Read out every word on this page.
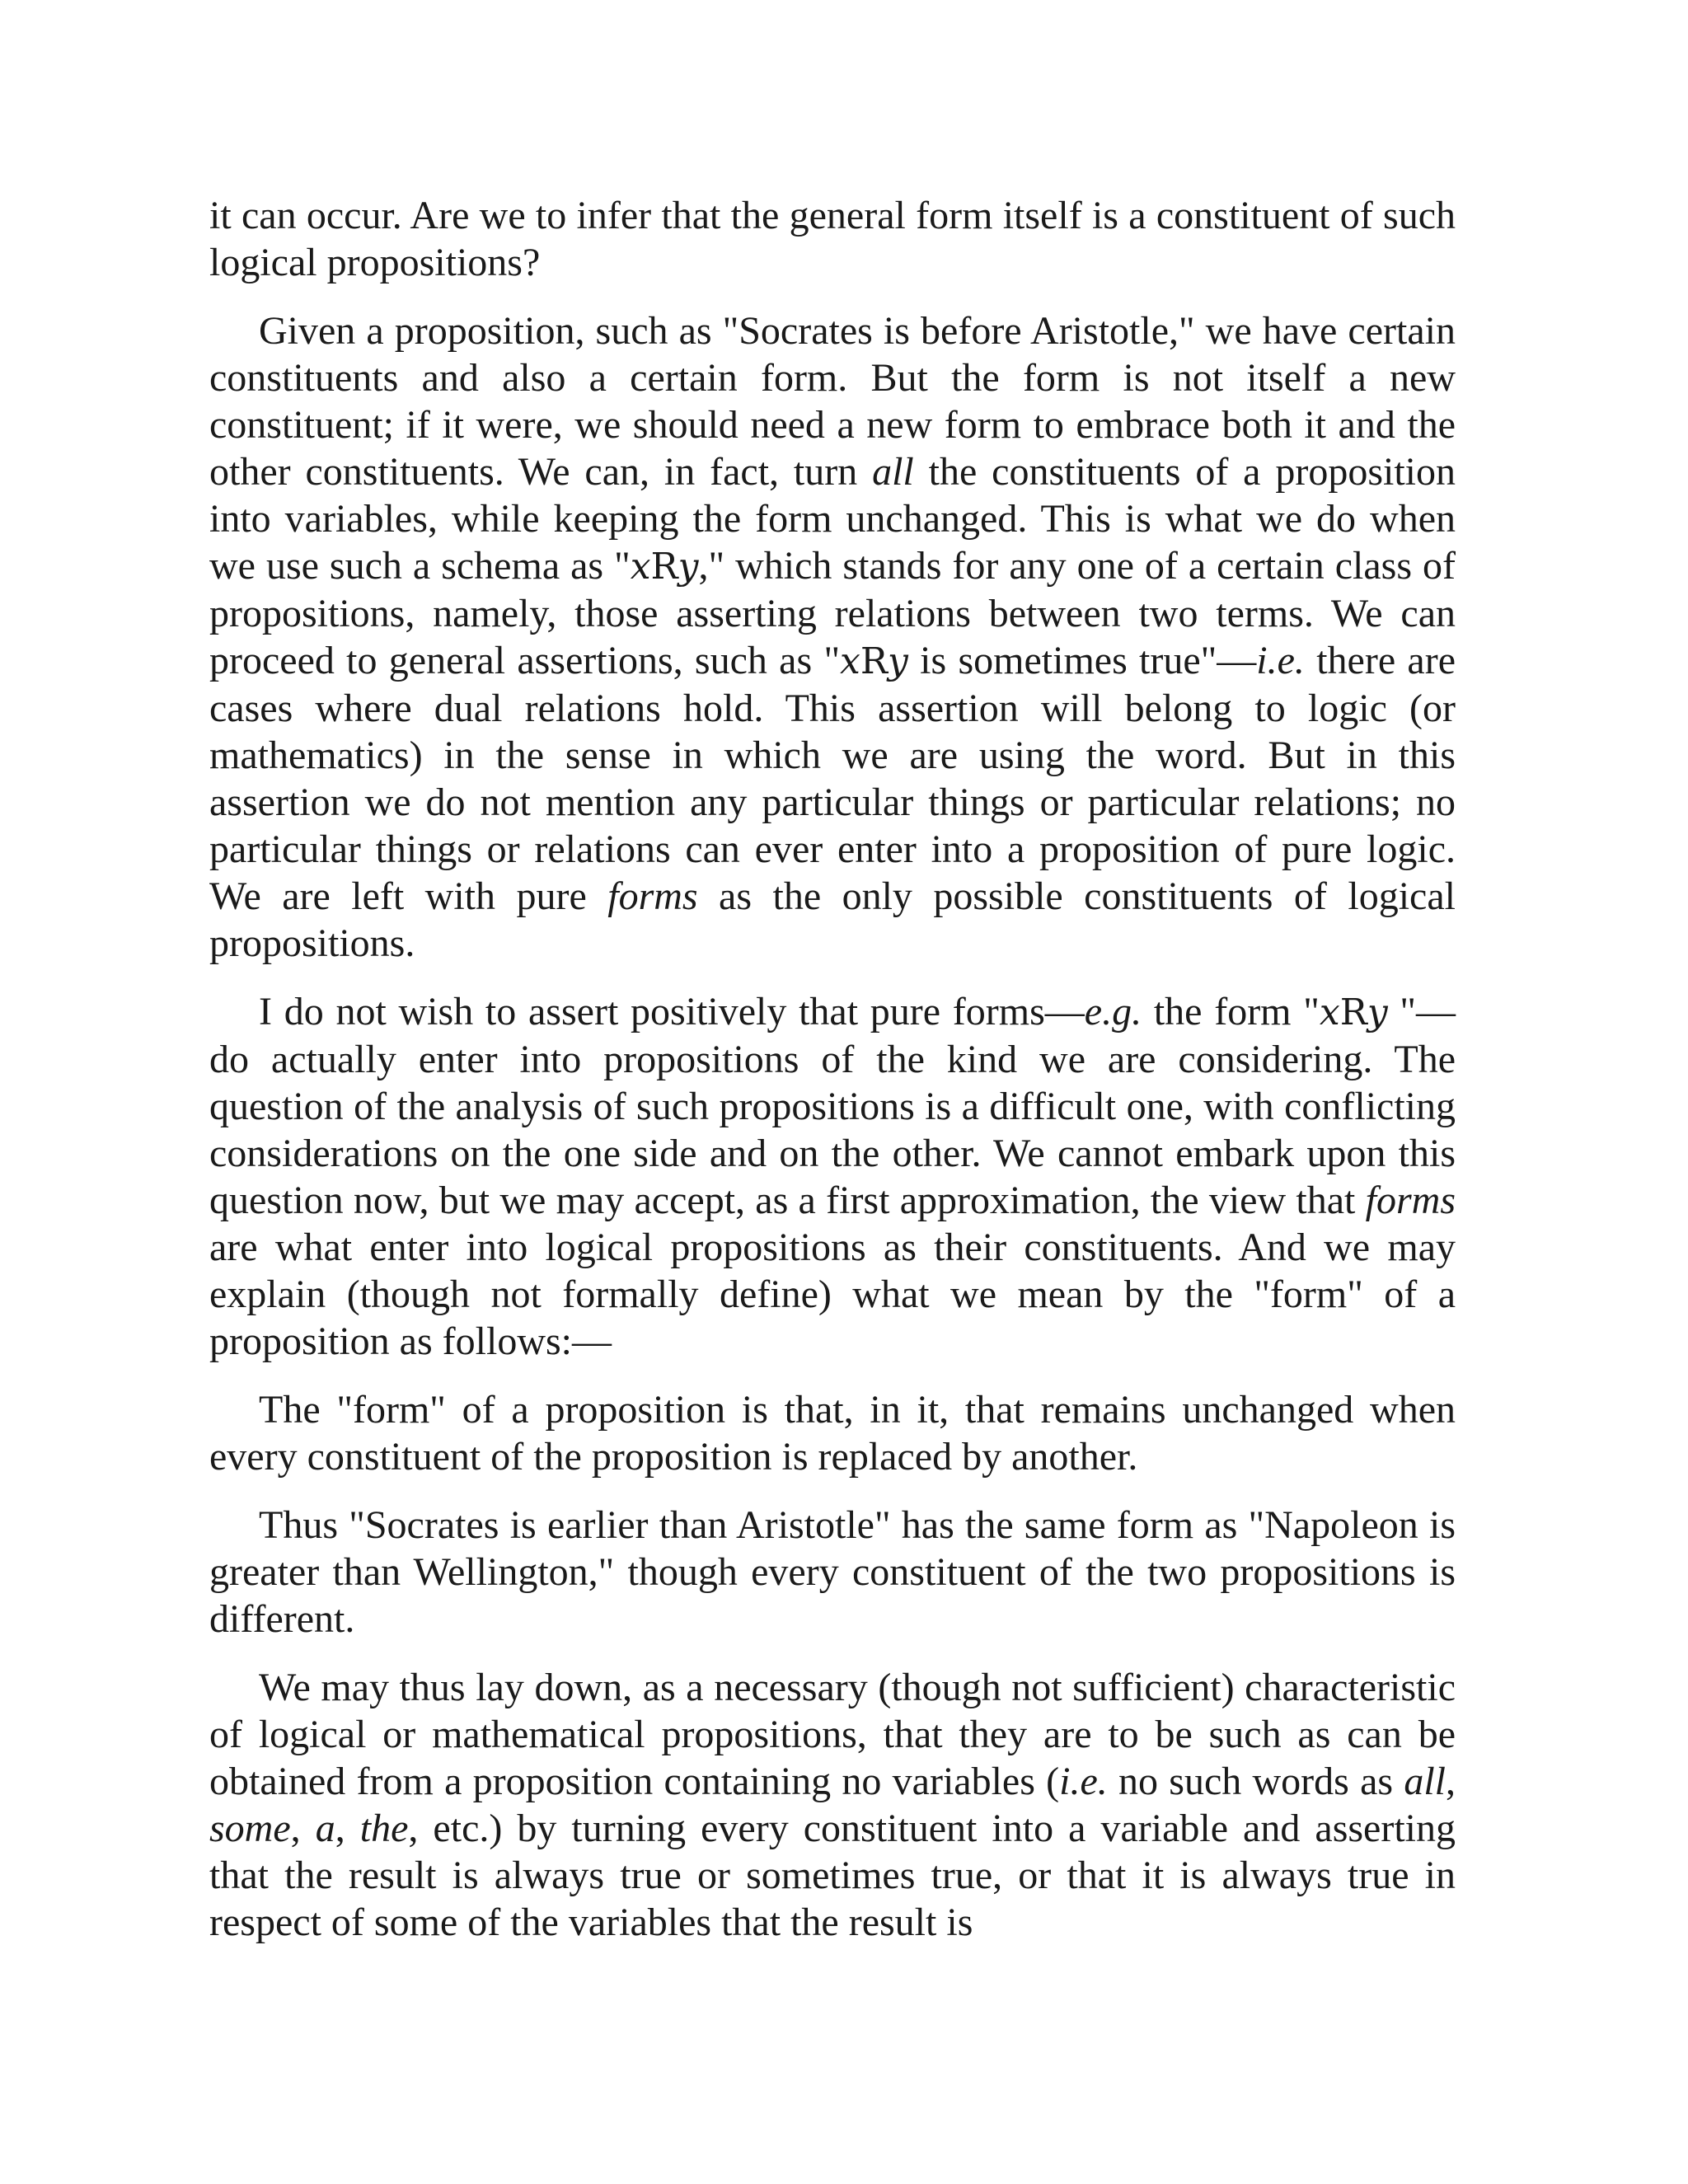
it can occur. Are we to infer that the general form itself is a constituent of such logical propositions?

Given a proposition, such as "Socrates is before Aristotle," we have certain constituents and also a certain form. But the form is not itself a new constituent; if it were, we should need a new form to embrace both it and the other constituents. We can, in fact, turn all the constituents of a proposition into variables, while keeping the form unchanged. This is what we do when we use such a schema as "xRy," which stands for any one of a certain class of propositions, namely, those asserting relations between two terms. We can proceed to general assertions, such as "xRy is sometimes true"—i.e. there are cases where dual relations hold. This assertion will belong to logic (or mathematics) in the sense in which we are using the word. But in this assertion we do not mention any particular things or particular relations; no particular things or relations can ever enter into a proposition of pure logic. We are left with pure forms as the only possible constituents of logical propositions.

I do not wish to assert positively that pure forms—e.g. the form "xRy "—do actually enter into propositions of the kind we are considering. The question of the analysis of such propositions is a difficult one, with conflicting considerations on the one side and on the other. We cannot embark upon this question now, but we may accept, as a first approximation, the view that forms are what enter into logical propositions as their constituents. And we may explain (though not formally define) what we mean by the "form" of a proposition as follows:—

The "form" of a proposition is that, in it, that remains unchanged when every constituent of the proposition is replaced by another.

Thus "Socrates is earlier than Aristotle" has the same form as "Napoleon is greater than Wellington," though every constituent of the two propositions is different.

We may thus lay down, as a necessary (though not sufficient) characteristic of logical or mathematical propositions, that they are to be such as can be obtained from a proposition containing no variables (i.e. no such words as all, some, a, the, etc.) by turning every constituent into a variable and asserting that the result is always true or sometimes true, or that it is always true in respect of some of the variables that the result is
